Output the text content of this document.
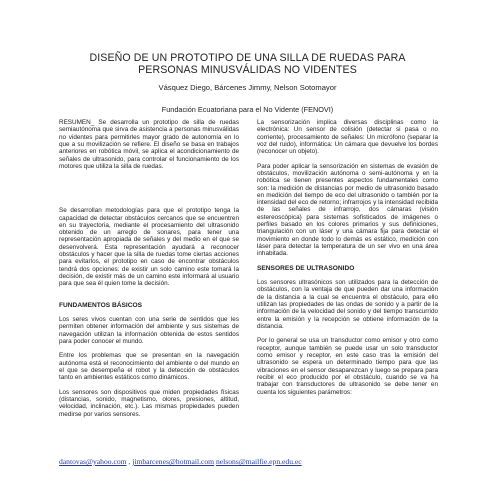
DISEÑO DE UN PROTOTIPO DE UNA SILLA DE RUEDAS PARA PERSONAS MINUSVÁLIDAS NO VIDENTES
Vásquez Diego, Bárcenes Jimmy, Nelson Sotomayor
Fundación Ecuatoriana para el No Vidente (FENOVI)

RESUMEN_ Se desarrolla un prototipo de silla de ruedas semiautónoma que sirva de asistencia a personas minusválidas no videntes para permitirles mayor grado de autonomía en lo que a su movilización se refiere. El diseño se basa en trabajos anteriores en robótica móvil, se aplica el acondicionamiento de señales de ultrasonido, para controlar el funcionamiento de los motores que utiliza la silla de ruedas.

Se desarrollan metodologías para que el prototipo tenga la capacidad de detectar obstáculos cercanos que se encuentren en su trayectoria, mediante el procesamiento del ultrasonido obtenido de un arreglo de sonares, para tener una representación apropiada de señales y del medio en el que se desenvolverá. Esta representación ayudará a reconocer obstáculos y hacer que la silla de ruedas tome ciertas acciones para evitarlos, el prototipo en caso de encontrar obstáculos tendrá dos opciones: de existir un solo camino este tomará la decisión, de existir más de un camino este informará al usuario para que sea él quien tome la decisión.

FUNDAMENTOS BÁSICOS

Los seres vivos cuentan con una serie de sentidos que les permiten obtener información del ambiente y sus sistemas de navegación utilizan la información obtenida de estos sentidos para poder conocer el mundo.

Entre los problemas que se presentan en la navegación autónoma está el reconocimiento del ambiente o del mundo en el que se desempeña el robot y la detección de obstáculos tanto en ambientes estáticos como dinámicos.

Los sensores son dispositivos que miden propiedades físicas (distancias, sonido, magnetismo, olores, presiones, altitud, velocidad, inclinación, etc.). Las mismas propiedades pueden medirse por varios sensores.

La sensorización implica diversas disciplinas como la electrónica: Un sensor de colisión (detectar si pasa o no corriente), procesamiento de señales: Un micrófono (separar la voz del ruido), informática: Un cámara que devuelve los bordes (reconocer un objeto).

Para poder aplicar la sensorización en sistemas de evasión de obstáculos, movilización autónoma o semi-autónoma y en la robótica se tienen presentes aspectos fundamentales como son: la medición de distancias por medio de ultrasonido basado en medición del tiempo de eco del ultrasonido o también por la intensidad del eco de retorno; infrarrojos y la intensidad recibida de las señales de infrarrojo, dos cámaras (visión estereoscópica) para sistemas sofisticados de imágenes o perfiles basado en los colores primarios y sus definiciones, triangulación con un láser y una cámara fija para detectar el movimiento en donde todo lo demás es estático, medición con láser para detectar la temperatura de un ser vivo en una área inhabitada.

SENSORES DE ULTRASONIDO

Los sensores ultrasónicos son utilizados para la detección de obstáculos, con la ventaja de que pueden dar una información de la distancia a la cual se encuentra el obstáculo, para ello utilizan las propiedades de las ondas de sonido y a partir de la información de la velocidad del sonido y del tiempo transcurrido entre la emisión y la recepción se obtiene información de la distancia.

Por lo general se usa un transductor como emisor y otro como receptor, aunque también se puede usar un solo transductor como emisor y receptor, en este caso tras la emisión del ultrasonido se espera un determinado tiempo para que las vibraciones en el sensor desaparezcan y luego se prepara para recibir el eco producido por el obstáculo, cuando se va ha trabajar con transductores de ultrasonido se debe tener en cuenta los siguientes parámetros:

dantovas@yahoo.com , jimbarcenes@hotmail.com nelsons@mailfie.epn.edu.ec
